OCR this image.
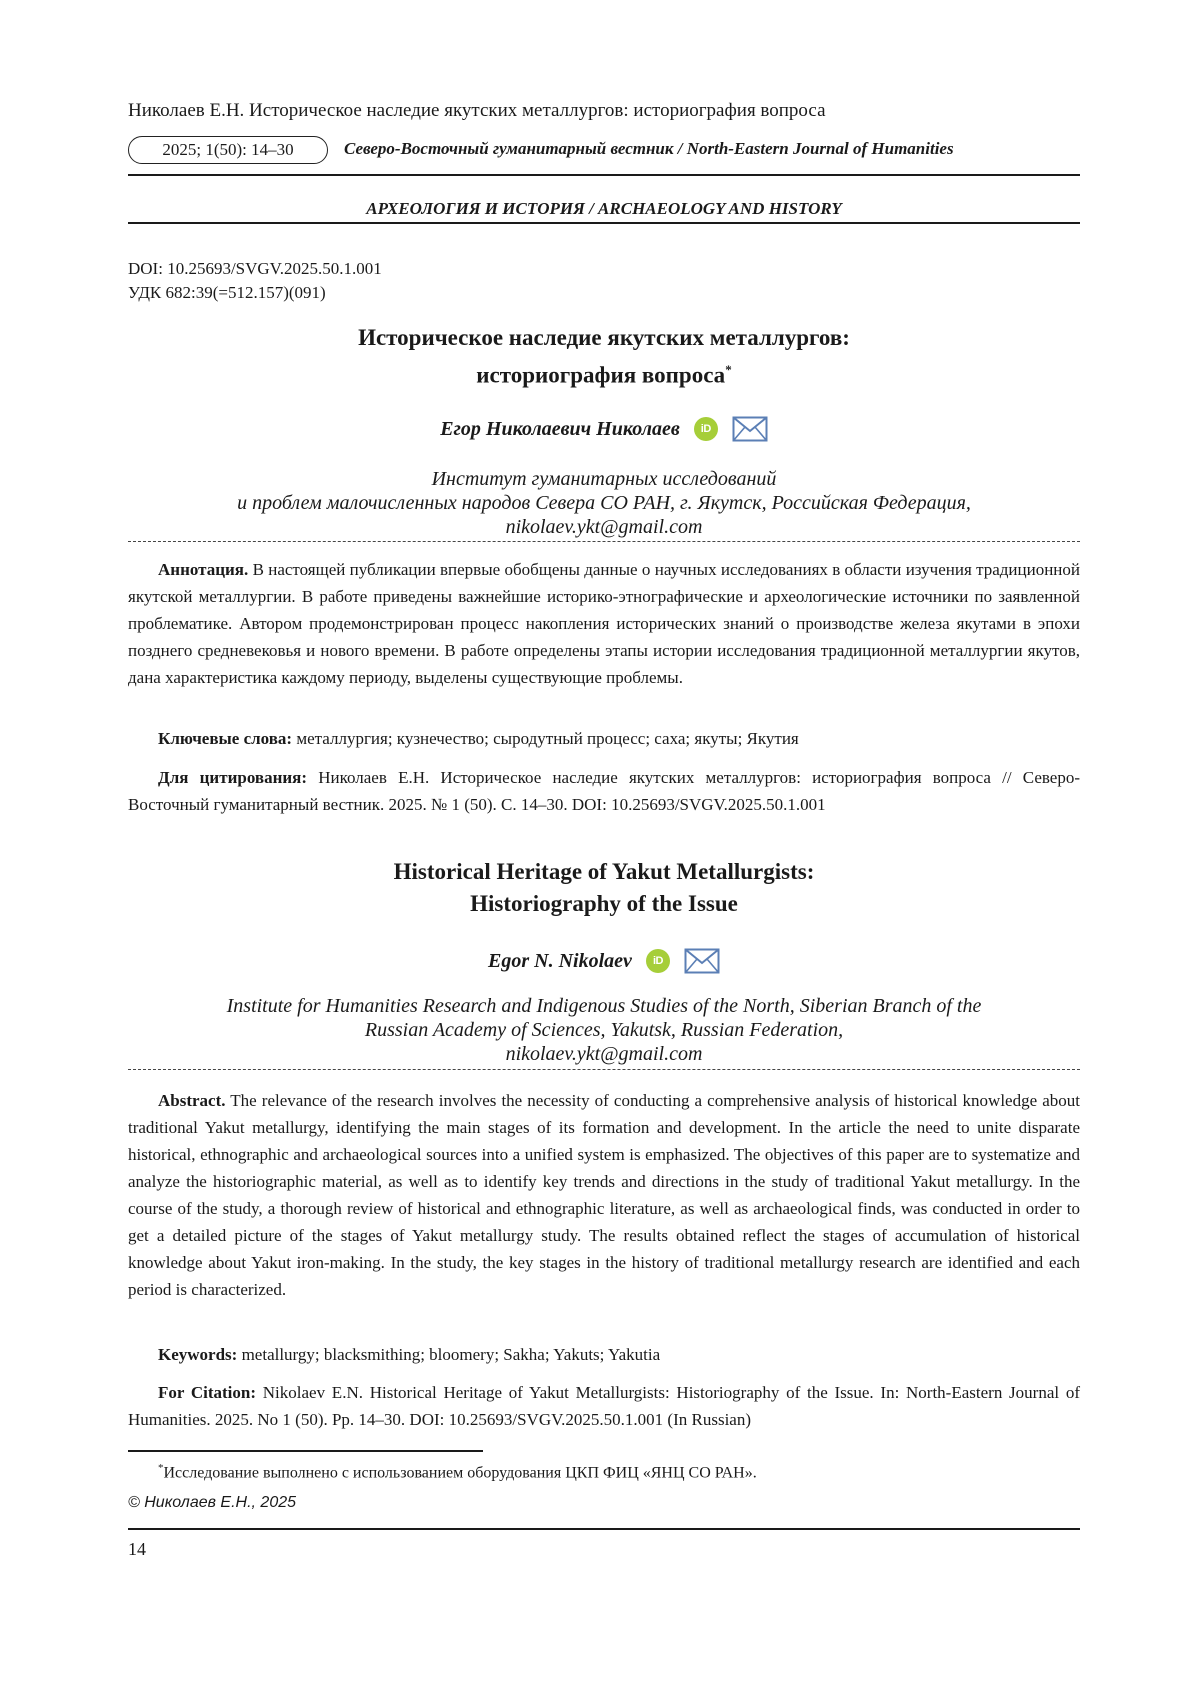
Николаев Е.Н. Историческое наследие якутских металлургов: историография вопроса
2025; 1(50): 14–30	Северо-Восточный гуманитарный вестник / North-Eastern Journal of Humanities
АРХЕОЛОГИЯ И ИСТОРИЯ / ARCHAEOLOGY AND HISTORY
DOI: 10.25693/SVGV.2025.50.1.001
УДК 682:39(=512.157)(091)
Историческое наследие якутских металлургов:
историография вопроса*
Егор Николаевич Николаев	iD
Институт гуманитарных исследований
и проблем малочисленных народов Севера СО РАН, г. Якутск, Российская Федерация,
nikolaev.ykt@gmail.com
Аннотация. В настоящей публикации впервые обобщены данные о научных исследованиях в области изучения традиционной якутской металлургии. В работе приведены важнейшие историко-этнографические и археологические источники по заявленной проблематике. Автором продемонстрирован процесс накопления исторических знаний о производстве железа якутами в эпохи позднего средневековья и нового времени. В работе определены этапы истории исследования традиционной металлургии якутов, дана характеристика каждому периоду, выделены существующие проблемы.
Ключевые слова: металлургия; кузнечество; сыродутный процесс; саха; якуты; Якутия
Для цитирования: Николаев Е.Н. Историческое наследие якутских металлургов: историография вопроса // Северо-Восточный гуманитарный вестник. 2025. № 1 (50). С. 14–30. DOI: 10.25693/SVGV.2025.50.1.001
Historical Heritage of Yakut Metallurgists:
Historiography of the Issue
Egor N. Nikolaev	iD
Institute for Humanities Research and Indigenous Studies of the North, Siberian Branch of the
Russian Academy of Sciences, Yakutsk, Russian Federation,
nikolaev.ykt@gmail.com
Abstract. The relevance of the research involves the necessity of conducting a comprehensive analysis of historical knowledge about traditional Yakut metallurgy, identifying the main stages of its formation and development. In the article the need to unite disparate historical, ethnographic and archaeological sources into a unified system is emphasized. The objectives of this paper are to systematize and analyze the historiographic material, as well as to identify key trends and directions in the study of traditional Yakut metallurgy. In the course of the study, a thorough review of historical and ethnographic literature, as well as archaeological finds, was conducted in order to get a detailed picture of the stages of Yakut metallurgy study. The results obtained reflect the stages of accumulation of historical knowledge about Yakut iron-making. In the study, the key stages in the history of traditional metallurgy research are identified and each period is characterized.
Keywords: metallurgy; blacksmithing; bloomery; Sakha; Yakuts; Yakutia
For Citation: Nikolaev E.N. Historical Heritage of Yakut Metallurgists: Historiography of the Issue. In: North-Eastern Journal of Humanities. 2025. No 1 (50). Pp. 14–30. DOI: 10.25693/SVGV.2025.50.1.001 (In Russian)
*Исследование выполнено с использованием оборудования ЦКП ФИЦ «ЯНЦ СО РАН».
© Николаев Е.Н., 2025
14
